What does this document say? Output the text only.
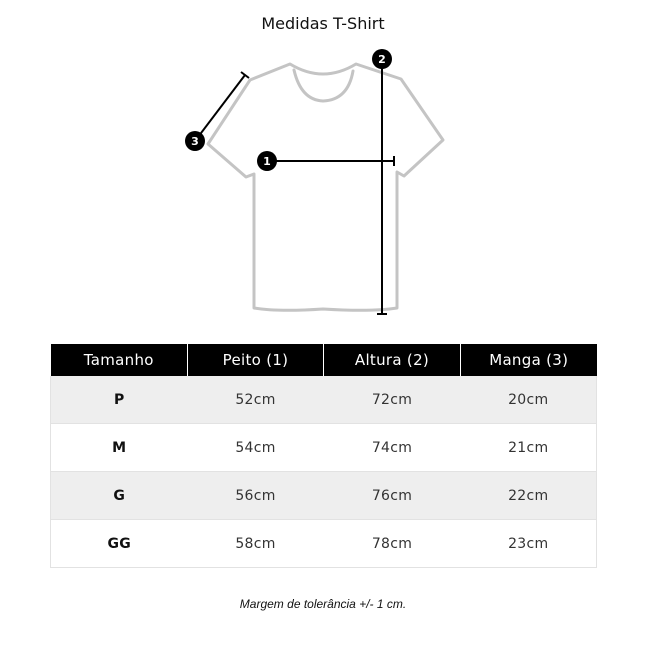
Medidas T-Shirt
1
2
3
Tamanho	Peito (1)	Altura (2)	Manga (3)
P	52cm	72cm	20cm
M	54cm	74cm	21cm
G	56cm	76cm	22cm
GG	58cm	78cm	23cm
Margem de tolerância +/- 1 cm.
